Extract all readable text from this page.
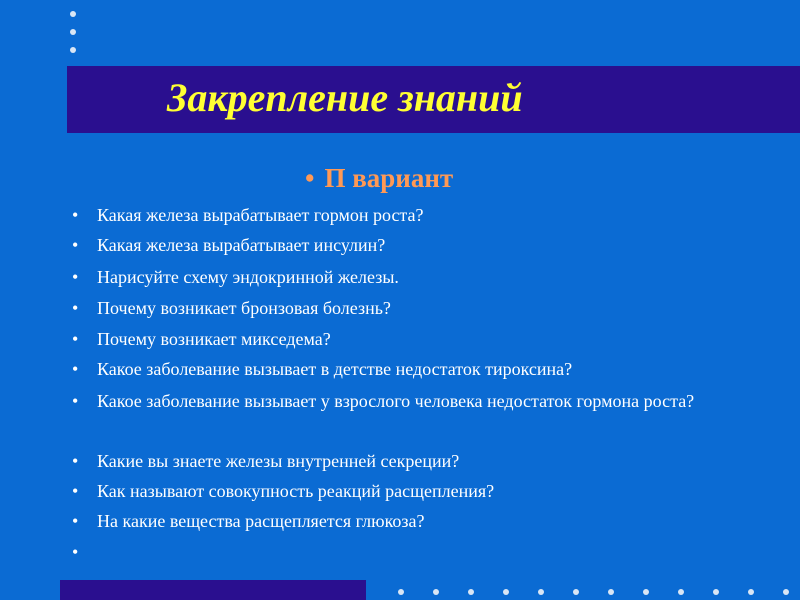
Закрепление знаний
• П вариант
•	Какая железа вырабатывает гормон роста?
•	Какая железа вырабатывает инсулин?
•	Нарисуйте схему эндокринной железы.
•	Почему возникает бронзовая болезнь?
•	Почему возникает микседема?
•	Какое заболевание вызывает в детстве недостаток тироксина?
•	Какое заболевание вызывает у взрослого человека недостаток гормона роста?
•	Какие вы знаете железы внутренней секреции?
•	Как называют совокупность реакций расщепления?
•	На какие вещества расщепляется глюкоза?
•
